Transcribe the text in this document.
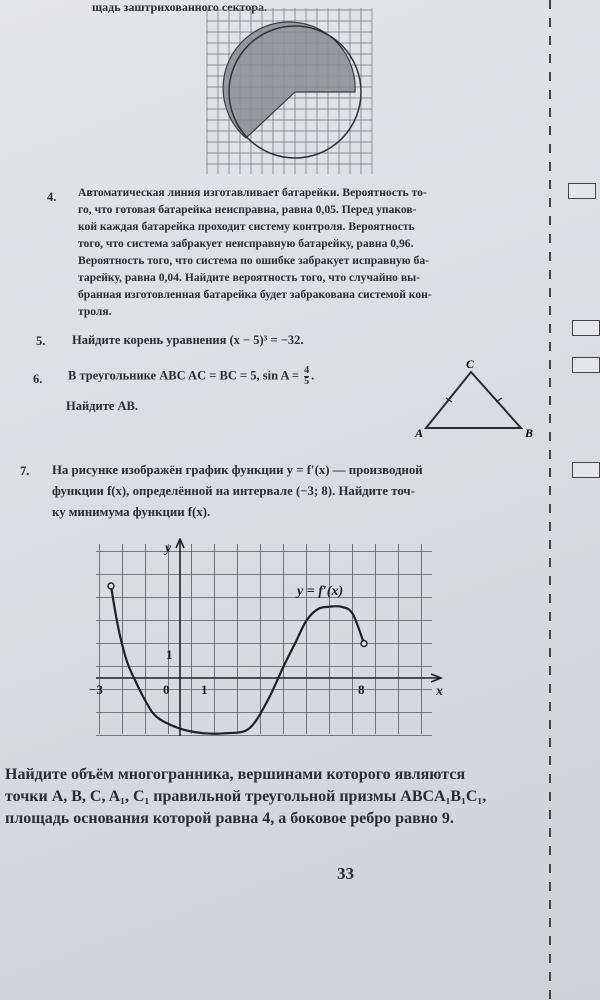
щадь заштрихованного сектора.
4. Автоматическая линия изготавливает батарейки. Вероятность то-
го, что готовая батарейка неисправна, равна 0,05. Перед упаков-
кой каждая батарейка проходит систему контроля. Вероятность
того, что система забракует неисправную батарейку, равна 0,96.
Вероятность того, что система по ошибке забракует исправную ба-
тарейку, равна 0,04. Найдите вероятность того, что случайно вы-
бранная изготовленная батарейка будет забракована системой кон-
троля.
5. Найдите корень уравнения (x − 5)³ = −32.
6. В треугольнике ABC AC = BC = 5, $\sin A = \frac{4}{5}$ .
Найдите AB.
A
C
B
7. На рисунке изображён график функции y = f′(x) — производной
функции f(x), определённой на интервале (−3; 8). Найдите точ-
ку минимума функции f(x).
x
y
−3	0 1	8
1
y = f′(x)
Найдите объём многогранника, вершинами которого являются
точки A, B, C, A₁, C₁ правильной треугольной призмы ABCA₁B₁C₁,
площадь основания которой равна 4, а боковое ребро равно 9.
33
